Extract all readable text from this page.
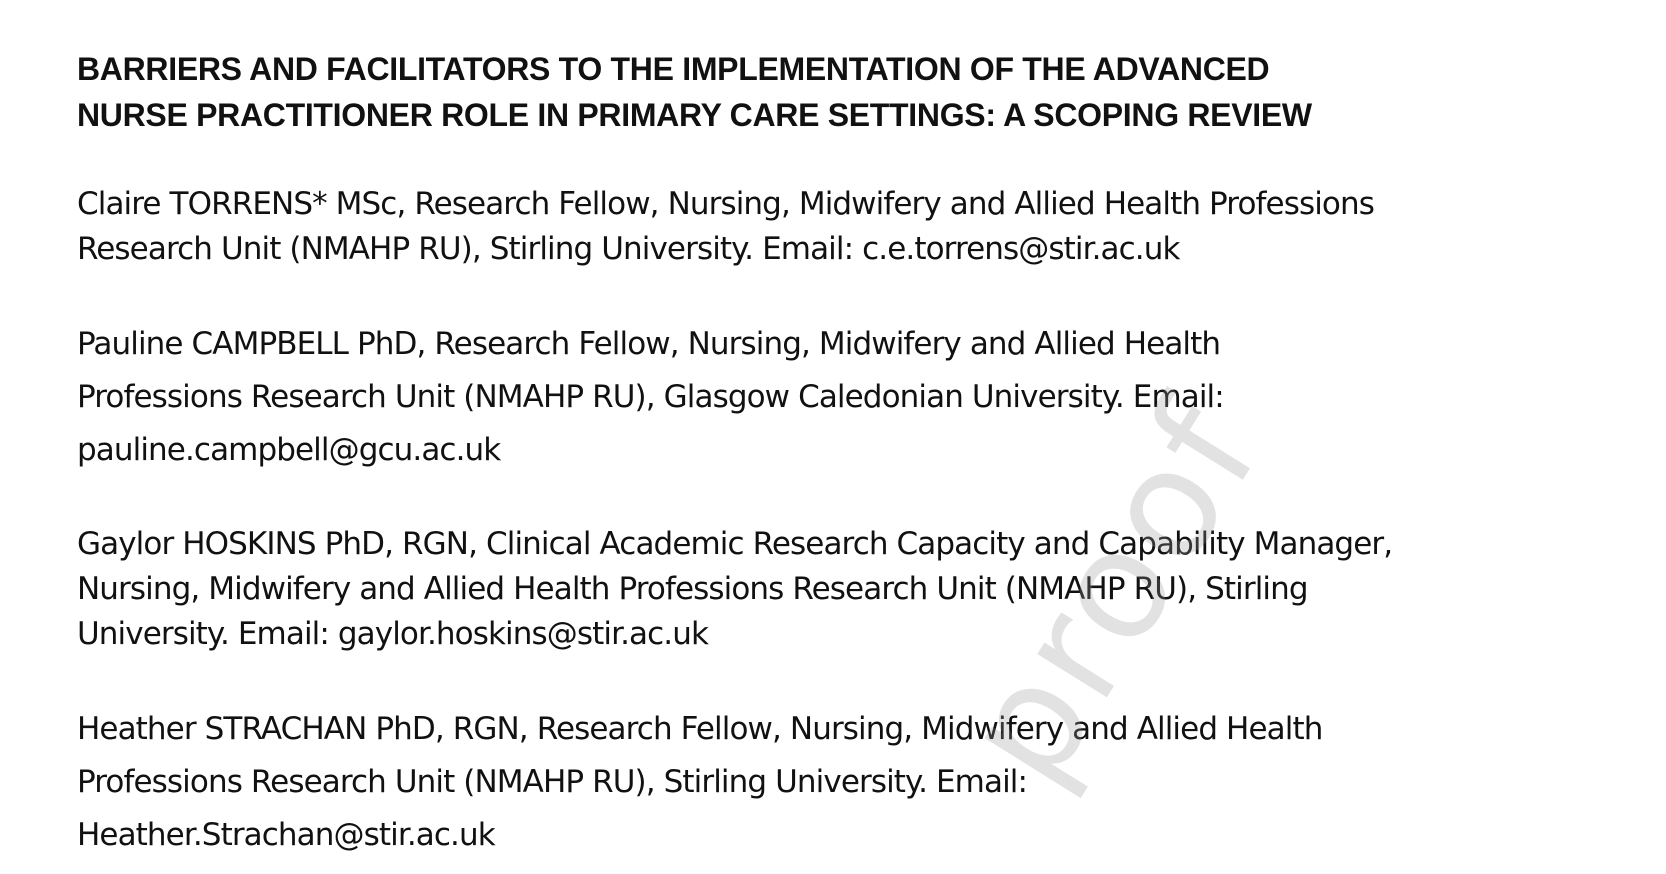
BARRIERS AND FACILITATORS TO THE IMPLEMENTATION OF THE ADVANCED
NURSE PRACTITIONER ROLE IN PRIMARY CARE SETTINGS: A SCOPING REVIEW

Claire TORRENS* MSc, Research Fellow, Nursing, Midwifery and Allied Health Professions
Research Unit (NMAHP RU), Stirling University. Email: c.e.torrens@stir.ac.uk

Pauline CAMPBELL PhD, Research Fellow, Nursing, Midwifery and Allied Health
Professions Research Unit (NMAHP RU), Glasgow Caledonian University. Email:
pauline.campbell@gcu.ac.uk

Gaylor HOSKINS PhD, RGN, Clinical Academic Research Capacity and Capability Manager,
Nursing, Midwifery and Allied Health Professions Research Unit (NMAHP RU), Stirling
University. Email: gaylor.hoskins@stir.ac.uk

Heather STRACHAN PhD, RGN, Research Fellow, Nursing, Midwifery and Allied Health
Professions Research Unit (NMAHP RU), Stirling University. Email:
Heather.Strachan@stir.ac.uk

proof
